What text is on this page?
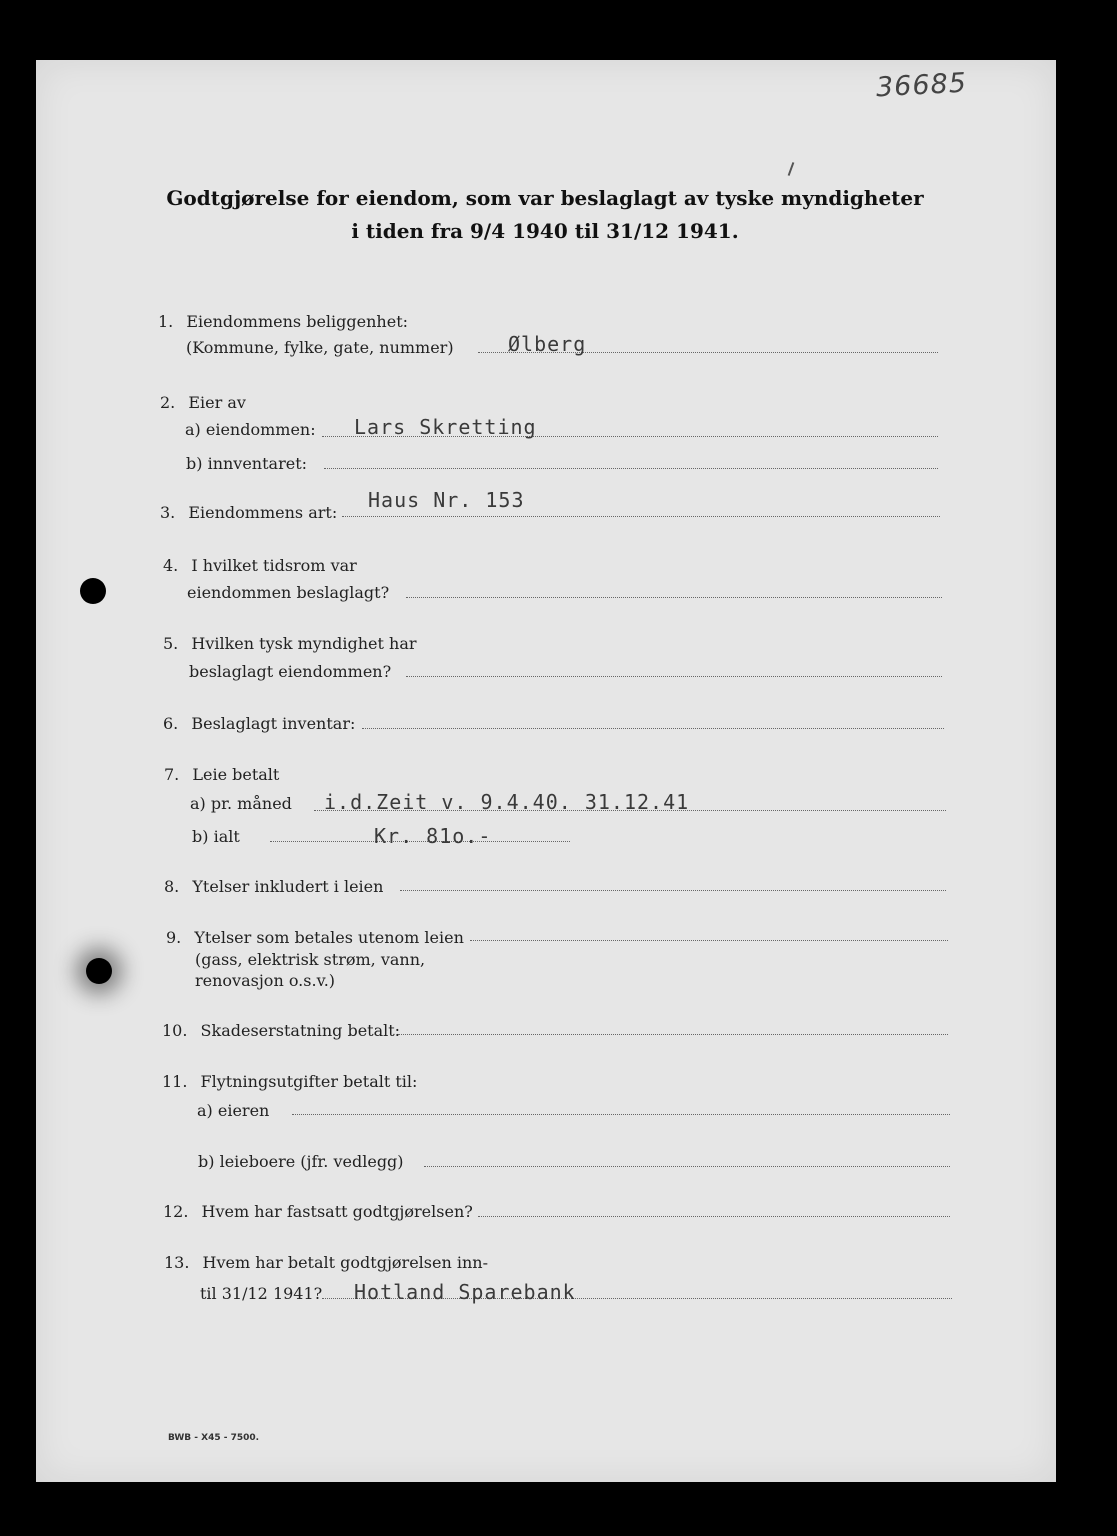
36685
Godtgjørelse for eiendom, som var beslaglagt av tyske myndigheter
i tiden fra 9/4 1940 til 31/12 1941.
1. Eiendommens beliggenhet:
(Kommune, fylke, gate, nummer)	Ølberg
2. Eier av
a) eiendommen: Lars Skretting
b) innventaret:
3. Eiendommens art:
Haus Nr. 153
4. I hvilket tidsrom var
eiendommen beslaglagt?
5. Hvilken tysk myndighet har
beslaglagt eiendommen?
6. Beslaglagt inventar:
7. Leie betalt
a) pr. måned i.d.Zeit v. 9.4.40. 31.12.41
b) ialt	Kr. 81o.-
8. Ytelser inkludert i leien
9. Ytelser som betales utenom leien
(gass, elektrisk strøm, vann,
renovasjon o.s.v.)
10. Skadeserstatning betalt:
11. Flytningsutgifter betalt til:
a) eieren
b) leieboere (jfr. vedlegg)
12. Hvem har fastsatt godtgjørelsen?
13. Hvem har betalt godtgjørelsen inn-
til 31/12 1941? Hotland Sparebank
BWB - X45 - 7500.
